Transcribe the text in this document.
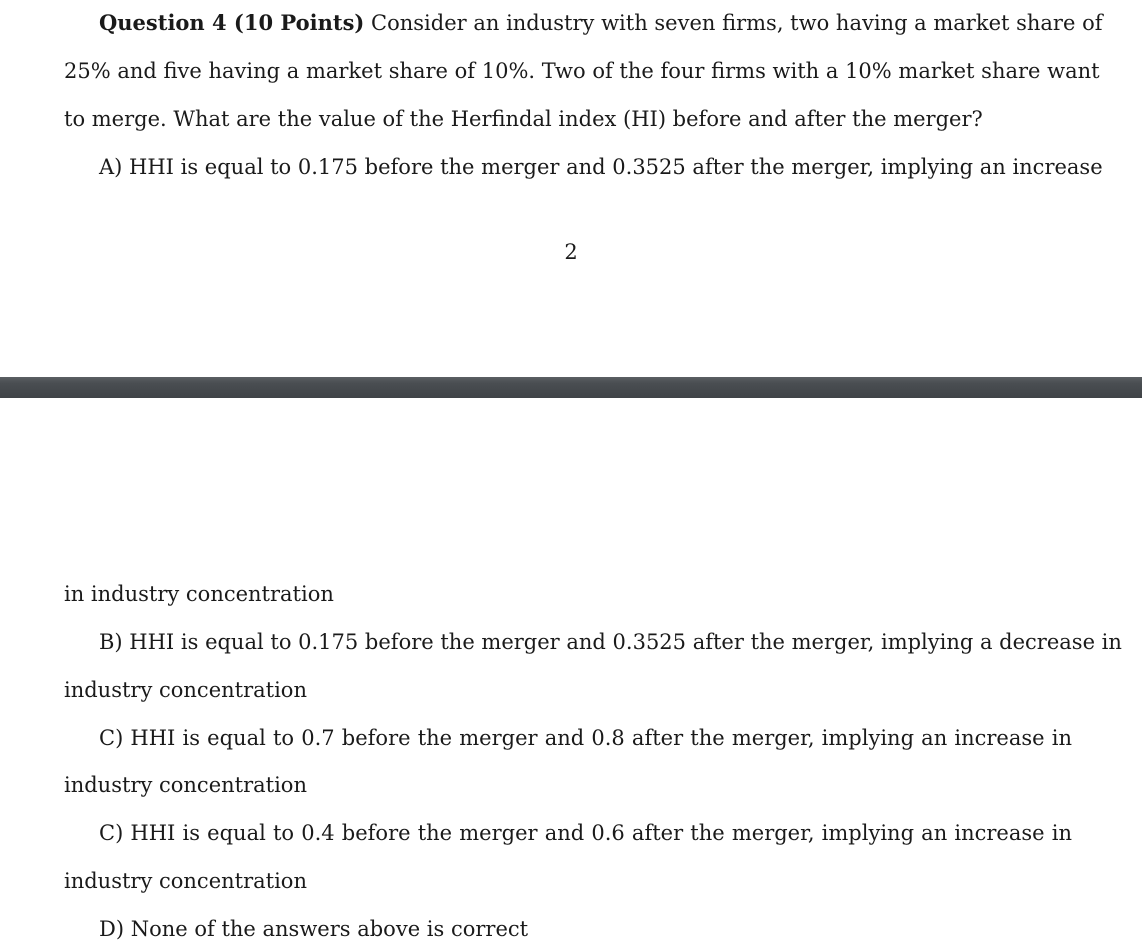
Question 4 (10 Points) Consider an industry with seven firms, two having a market share of
25% and five having a market share of 10%. Two of the four firms with a 10% market share want
to merge. What are the value of the Herfindal index (HI) before and after the merger?
A) HHI is equal to 0.175 before the merger and 0.3525 after the merger, implying an increase
2
in industry concentration
B) HHI is equal to 0.175 before the merger and 0.3525 after the merger, implying a decrease in
industry concentration
C) HHI is equal to 0.7 before the merger and 0.8 after the merger, implying an increase in
industry concentration
C) HHI is equal to 0.4 before the merger and 0.6 after the merger, implying an increase in
industry concentration
D) None of the answers above is correct
